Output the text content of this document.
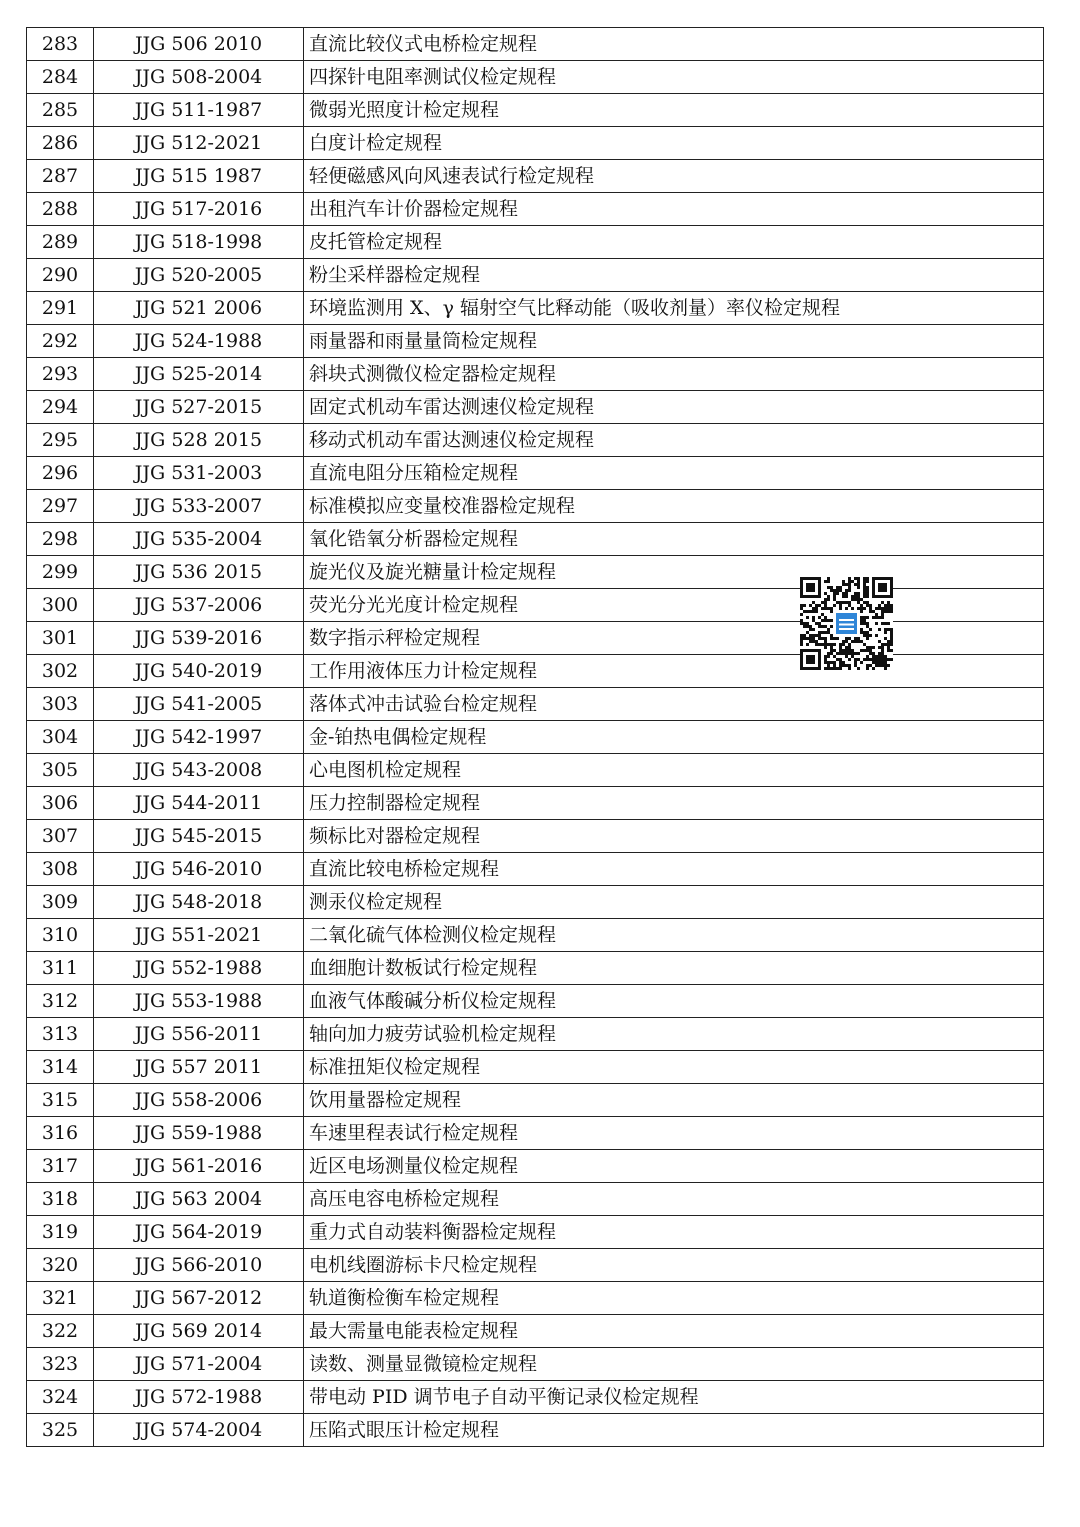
283	JJG 506 2010	直流比较仪式电桥检定规程
284	JJG 508-2004	四探针电阻率测试仪检定规程
285	JJG 511-1987	微弱光照度计检定规程
286	JJG 512-2021	白度计检定规程
287	JJG 515 1987	轻便磁感风向风速表试行检定规程
288	JJG 517-2016	出租汽车计价器检定规程
289	JJG 518-1998	皮托管检定规程
290	JJG 520-2005	粉尘采样器检定规程
291	JJG 521 2006	环境监测用 X、γ 辐射空气比释动能（吸收剂量）率仪检定规程
292	JJG 524-1988	雨量器和雨量量筒检定规程
293	JJG 525-2014	斜块式测微仪检定器检定规程
294	JJG 527-2015	固定式机动车雷达测速仪检定规程
295	JJG 528 2015	移动式机动车雷达测速仪检定规程
296	JJG 531-2003	直流电阻分压箱检定规程
297	JJG 533-2007	标准模拟应变量校准器检定规程
298	JJG 535-2004	氧化锆氧分析器检定规程
299	JJG 536 2015	旋光仪及旋光糖量计检定规程
300	JJG 537-2006	荧光分光光度计检定规程
301	JJG 539-2016	数字指示秤检定规程
302	JJG 540-2019	工作用液体压力计检定规程
303	JJG 541-2005	落体式冲击试验台检定规程
304	JJG 542-1997	金-铂热电偶检定规程
305	JJG 543-2008	心电图机检定规程
306	JJG 544-2011	压力控制器检定规程
307	JJG 545-2015	频标比对器检定规程
308	JJG 546-2010	直流比较电桥检定规程
309	JJG 548-2018	测汞仪检定规程
310	JJG 551-2021	二氧化硫气体检测仪检定规程
311	JJG 552-1988	血细胞计数板试行检定规程
312	JJG 553-1988	血液气体酸碱分析仪检定规程
313	JJG 556-2011	轴向加力疲劳试验机检定规程
314	JJG 557 2011	标准扭矩仪检定规程
315	JJG 558-2006	饮用量器检定规程
316	JJG 559-1988	车速里程表试行检定规程
317	JJG 561-2016	近区电场测量仪检定规程
318	JJG 563 2004	高压电容电桥检定规程
319	JJG 564-2019	重力式自动装料衡器检定规程
320	JJG 566-2010	电机线圈游标卡尺检定规程
321	JJG 567-2012	轨道衡检衡车检定规程
322	JJG 569 2014	最大需量电能表检定规程
323	JJG 571-2004	读数、测量显微镜检定规程
324	JJG 572-1988	带电动 PID 调节电子自动平衡记录仪检定规程
325	JJG 574-2004	压陷式眼压计检定规程
